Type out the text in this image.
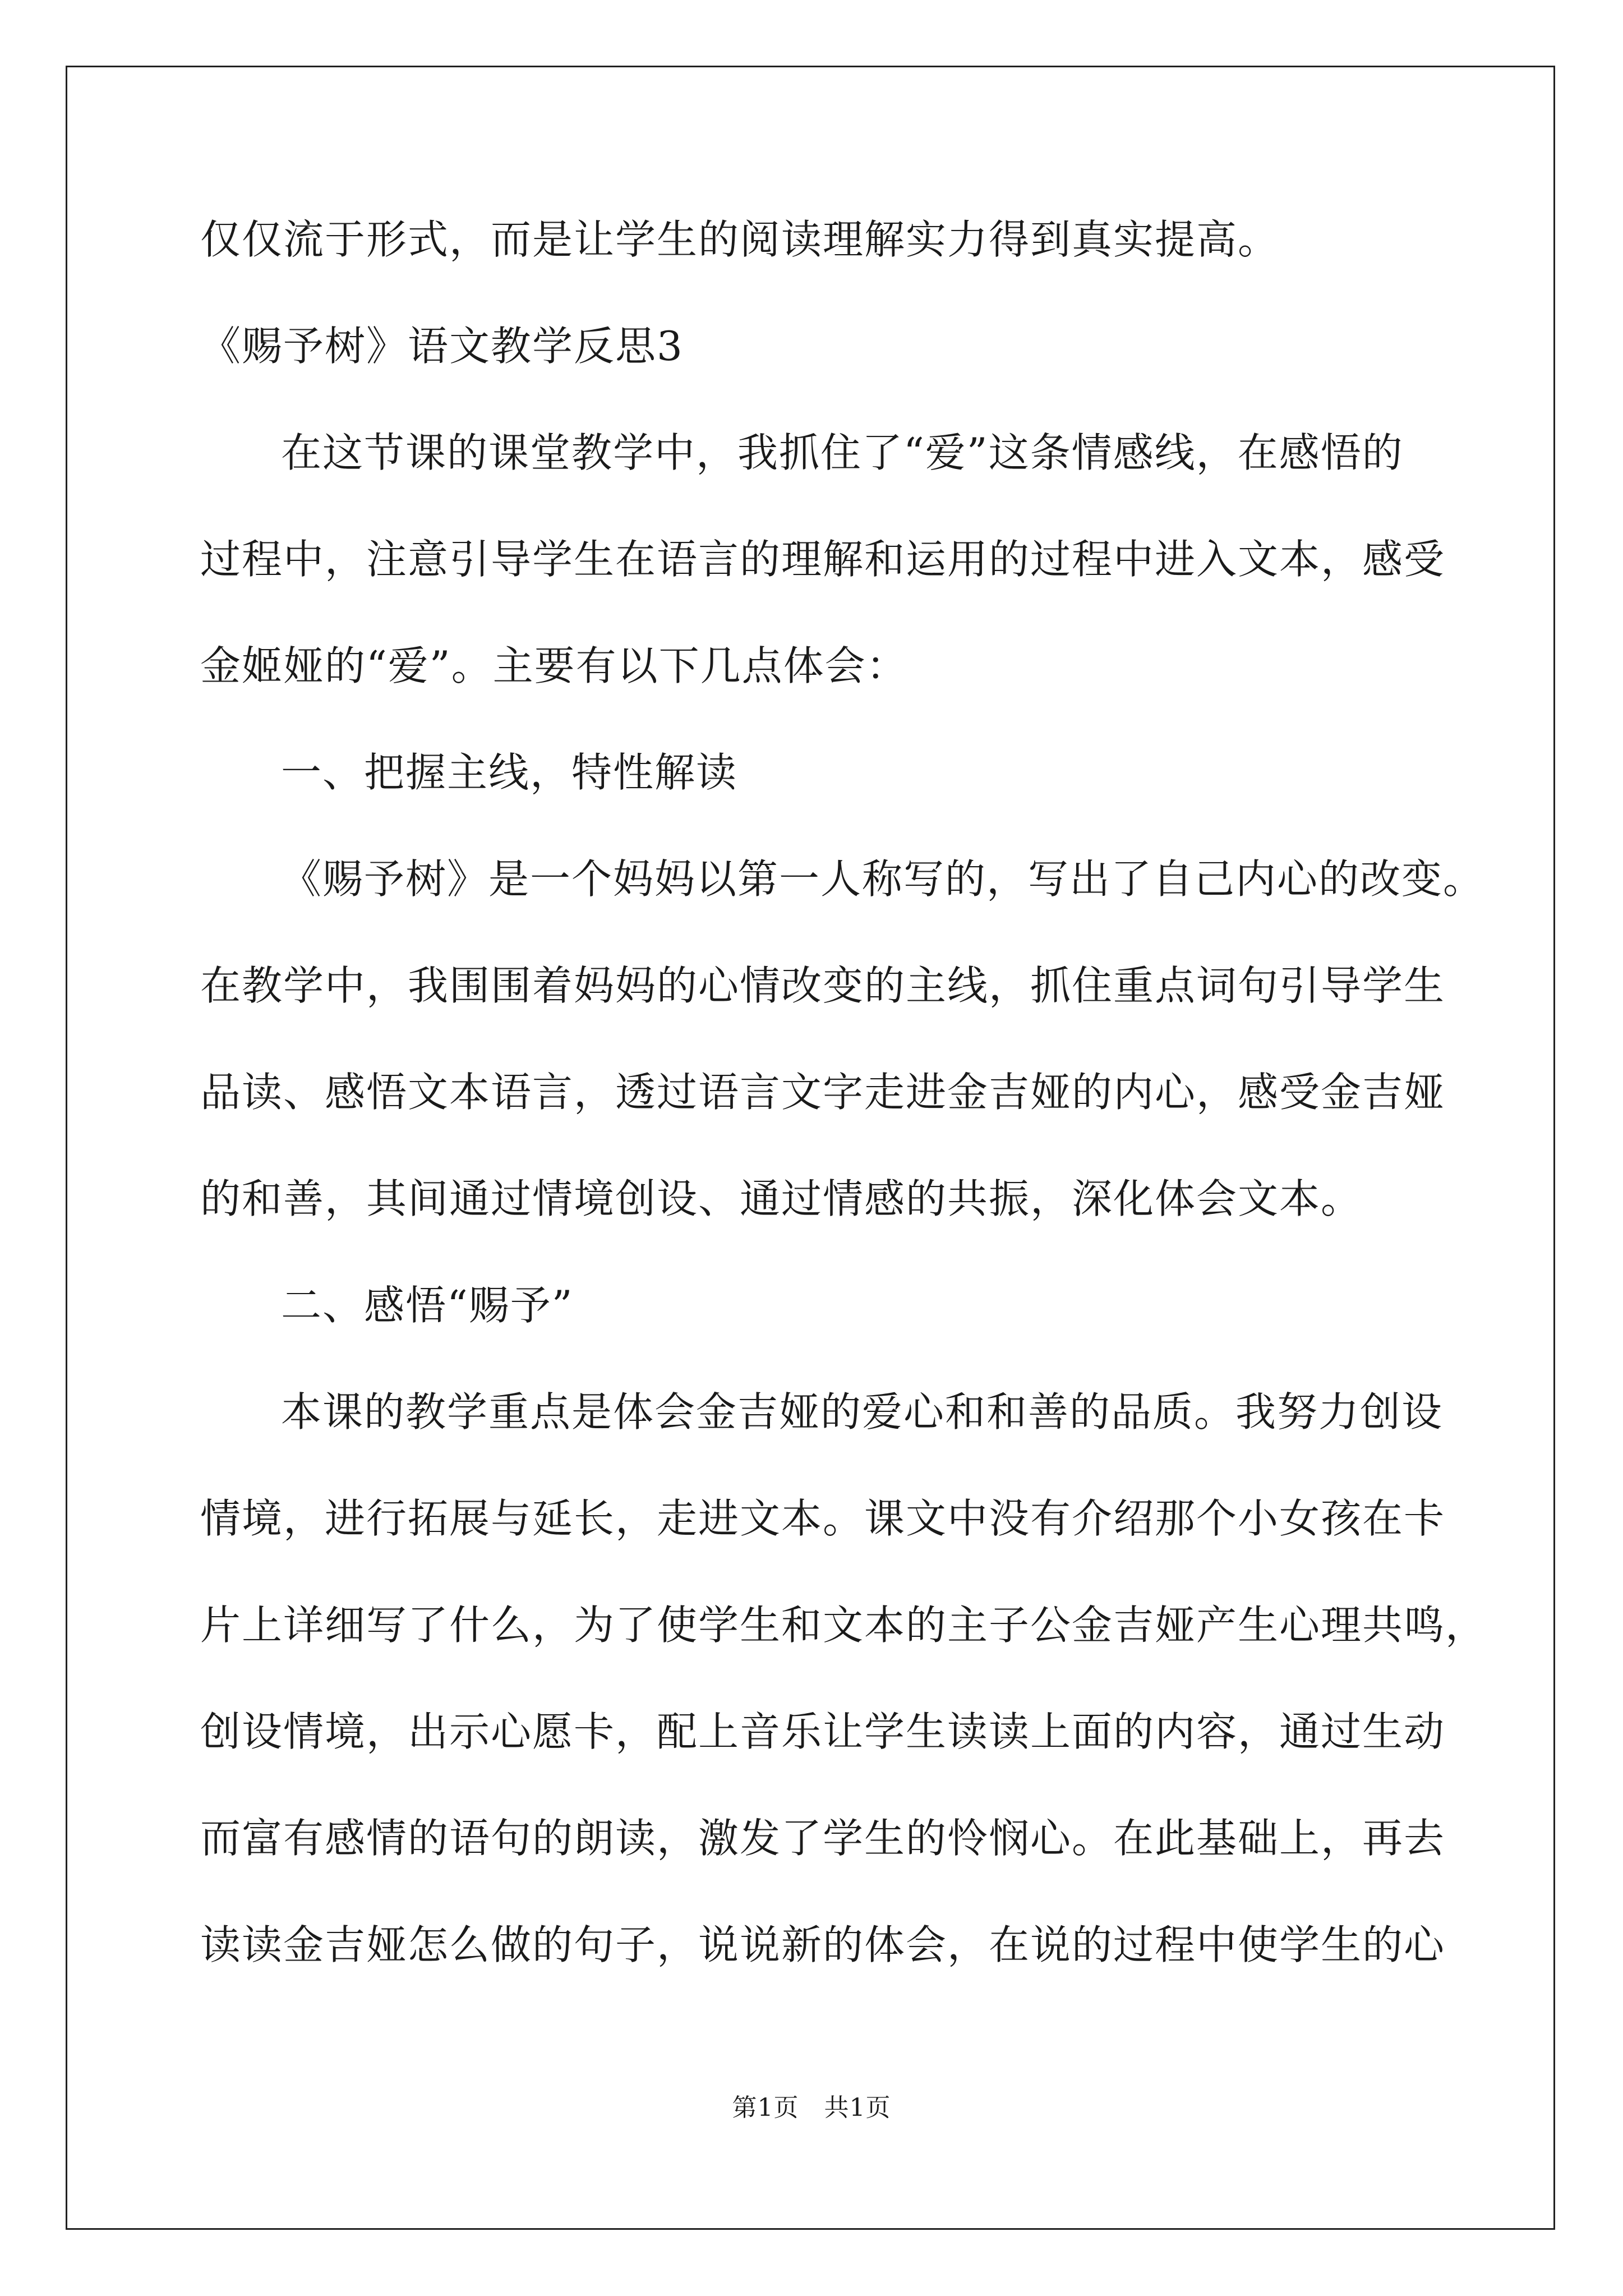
仅仅流于形式，而是让学生的阅读理解实力得到真实提高。
《赐予树》语文教学反思3
在这节课的课堂教学中，我抓住了“爱”这条情感线，在感悟的
过程中，注意引导学生在语言的理解和运用的过程中进入文本，感受
金姬娅的“爱”。主要有以下几点体会：
一、把握主线，特性解读
《赐予树》是一个妈妈以第一人称写的，写出了自己内心的改变。
在教学中，我围围着妈妈的心情改变的主线，抓住重点词句引导学生
品读、感悟文本语言，透过语言文字走进金吉娅的内心，感受金吉娅
的和善，其间通过情境创设、通过情感的共振，深化体会文本。
二、感悟“赐予”
本课的教学重点是体会金吉娅的爱心和和善的品质。我努力创设
情境，进行拓展与延长，走进文本。课文中没有介绍那个小女孩在卡
片上详细写了什么，为了使学生和文本的主子公金吉娅产生心理共鸣，
创设情境，出示心愿卡，配上音乐让学生读读上面的内容，通过生动
而富有感情的语句的朗读，激发了学生的怜悯心。在此基础上，再去
读读金吉娅怎么做的句子，说说新的体会，在说的过程中使学生的心
第1页　共1页
